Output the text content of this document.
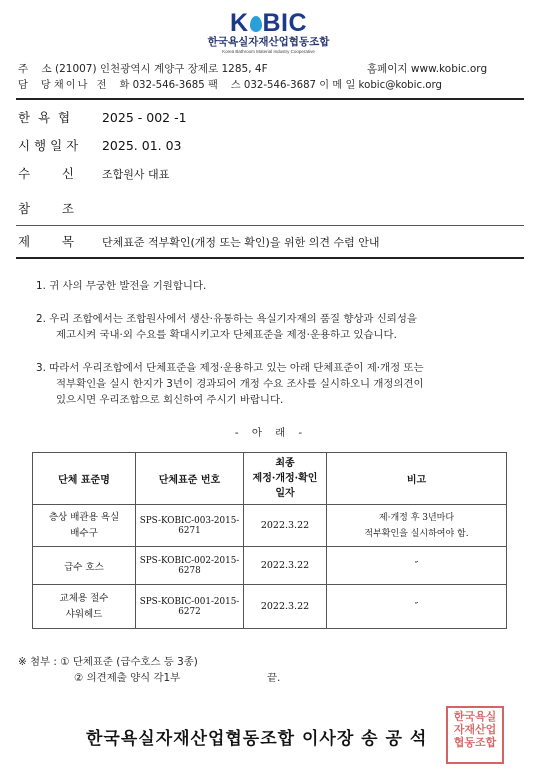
K BIC
한국욕실자재산업협동조합
Korea Bathroom Material Industry Cooperative
주    소 (21007) 인천광역시 계양구 장제로 1285, 4F	홈페이지 www.kobic.org
담    당 채이나 전    화 032-546-3685 팩    스 032-546-3687 이 메 일 kobic@kobic.org
한  욕  협	2025 - 002 -1
시 행 일 자 2025. 01. 03
수        신	조합원사 대표
참        조
제        목	단체표준 적부확인(개정 또는 확인)을 위한 의견 수렴 안내
1. 귀 사의 무궁한 발전을 기원합니다.
2. 우리 조합에서는 조합원사에서 생산·유통하는 욕실기자재의 품질 향상과 신뢰성을
제고시켜 국내·외 수요를 확대시키고자 단체표준을 제정·운용하고 있습니다.
3. 따라서 우리조합에서 단체표준을 제정·운용하고 있는 아래 단체표준이 제·개정 또는
적부확인을 실시 한지가 3년이 경과되어 개정 수요 조사를 실시하오니 개정의견이
있으시면 우리조합으로 회신하여 주시기 바랍니다.
-    아    래    -
단체 표준명	단체표준 번호	최종
제정·개정·확인
일자	비고
층상 배관용 욕실
배수구	SPS-KOBIC-003-2015-6271	2022.3.22	제·개정 후 3년마다
적부확인을 실시하여야 함.
급수 호스	SPS-KOBIC-002-2015-6278	2022.3.22	″
교체용 절수
샤워헤드	SPS-KOBIC-001-2015-6272	2022.3.22	″
※ 첨부 : ① 단체표준 (급수호스 등 3종)
② 의견제출 양식 각1부	끝.
한국욕실자재산업협동조합 이사장 송 공 석
한국욕실자재산업협동조합
